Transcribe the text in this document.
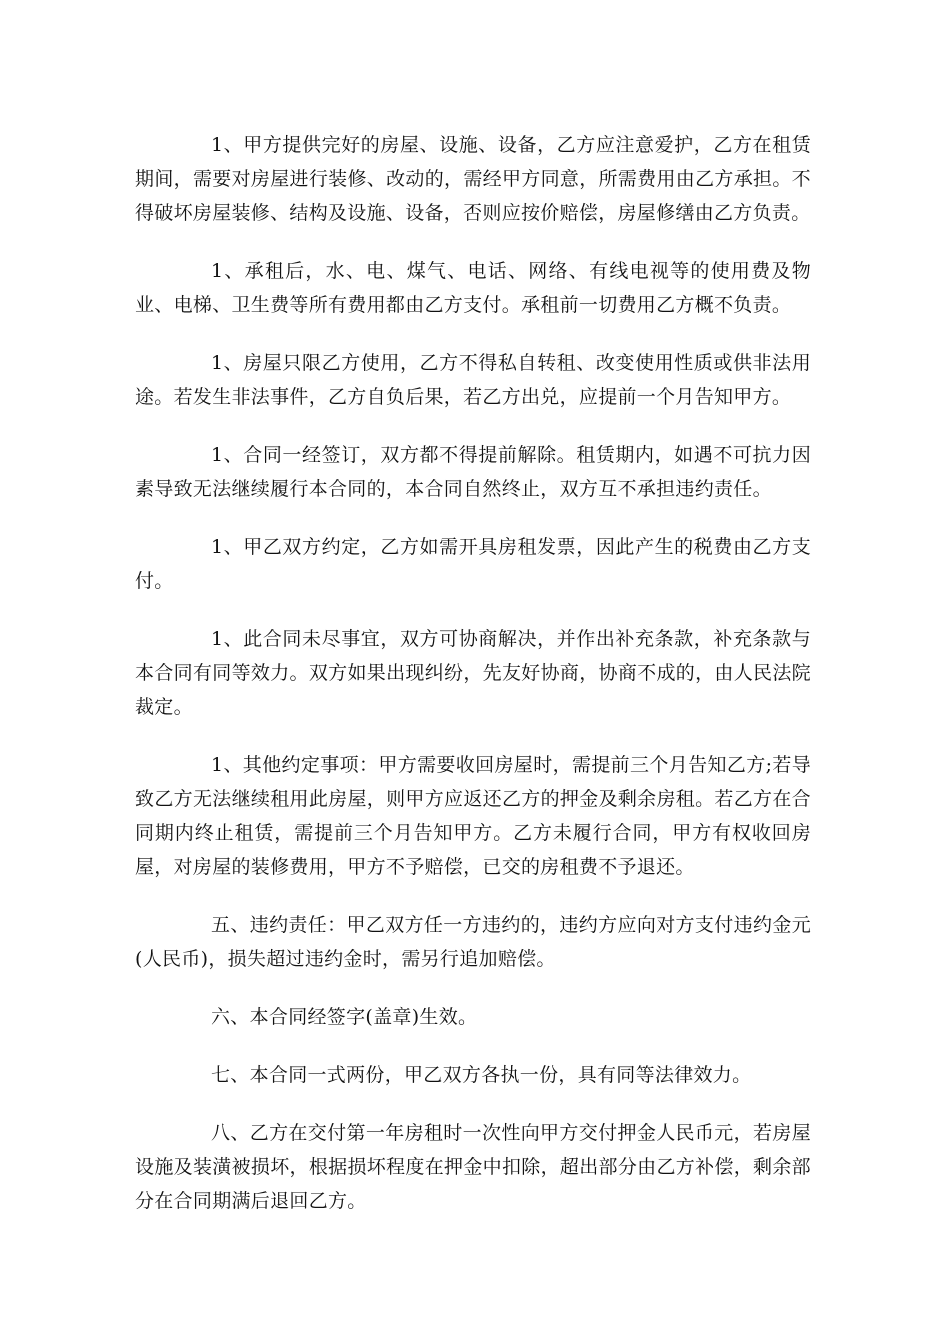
1、甲方提供完好的房屋、设施、设备，乙方应注意爱护，乙方在租赁期间，需要对房屋进行装修、改动的，需经甲方同意，所需费用由乙方承担。不得破坏房屋装修、结构及设施、设备，否则应按价赔偿，房屋修缮由乙方负责。

1、承租后，水、电、煤气、电话、网络、有线电视等的使用费及物业、电梯、卫生费等所有费用都由乙方支付。承租前一切费用乙方概不负责。

1、房屋只限乙方使用，乙方不得私自转租、改变使用性质或供非法用途。若发生非法事件，乙方自负后果，若乙方出兑，应提前一个月告知甲方。

1、合同一经签订，双方都不得提前解除。租赁期内，如遇不可抗力因素导致无法继续履行本合同的，本合同自然终止，双方互不承担违约责任。

1、甲乙双方约定，乙方如需开具房租发票，因此产生的税费由乙方支付。

1、此合同未尽事宜，双方可协商解决，并作出补充条款，补充条款与本合同有同等效力。双方如果出现纠纷，先友好协商，协商不成的，由人民法院裁定。

1、其他约定事项：甲方需要收回房屋时，需提前三个月告知乙方;若导致乙方无法继续租用此房屋，则甲方应返还乙方的押金及剩余房租。若乙方在合同期内终止租赁，需提前三个月告知甲方。乙方未履行合同，甲方有权收回房屋，对房屋的装修费用，甲方不予赔偿，已交的房租费不予退还。

五、违约责任：甲乙双方任一方违约的，违约方应向对方支付违约金元(人民币)，损失超过违约金时，需另行追加赔偿。

六、本合同经签字(盖章)生效。

七、本合同一式两份，甲乙双方各执一份，具有同等法律效力。

八、乙方在交付第一年房租时一次性向甲方交付押金人民币元，若房屋设施及装潢被损坏，根据损坏程度在押金中扣除，超出部分由乙方补偿，剩余部分在合同期满后退回乙方。
